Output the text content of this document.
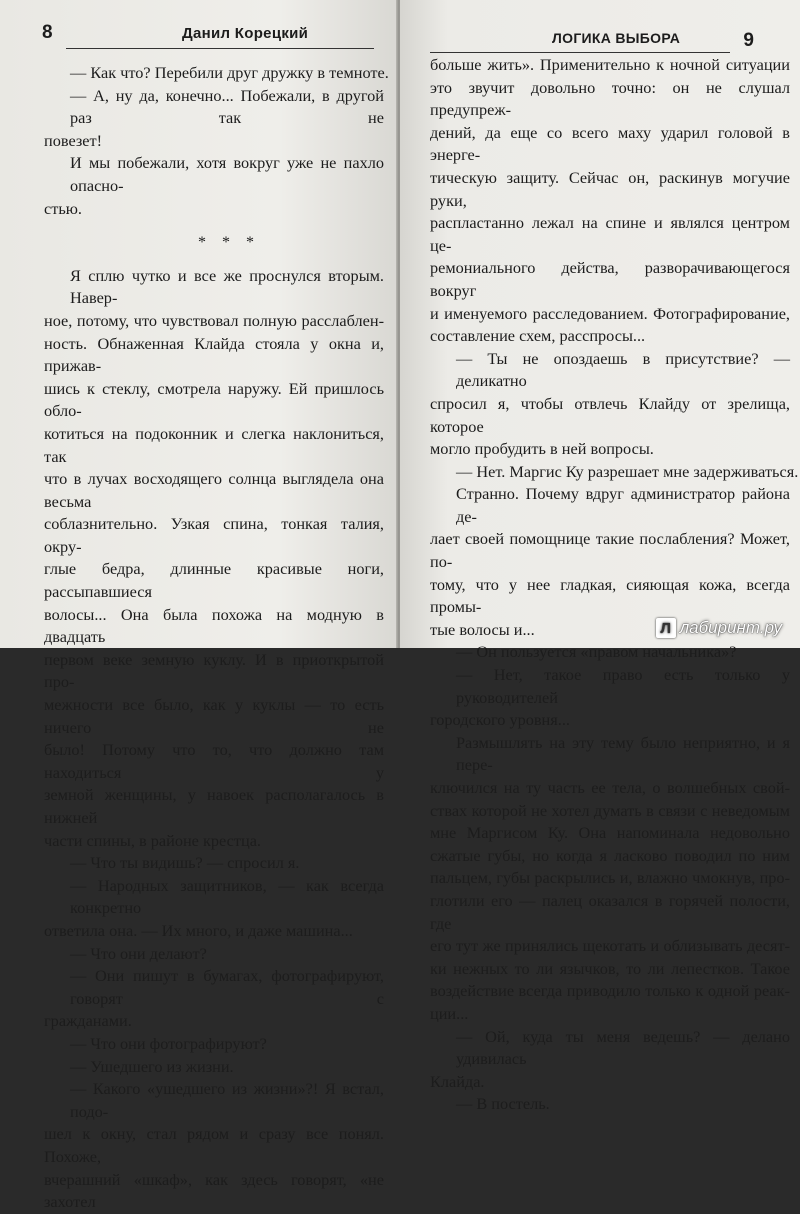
8	Данил Корецкий
— Как что? Перебили друг дружку в темноте.
— А, ну да, конечно... Побежали, в другой раз так не
повезет!
И мы побежали, хотя вокруг уже не пахло опасно-
стью.
* * *
Я сплю чутко и все же проснулся вторым. Навер-
ное, потому, что чувствовал полную расслаблен-
ность. Обнаженная Клайда стояла у окна и, прижав-
шись к стеклу, смотрела наружу. Ей пришлось обло-
котиться на подоконник и слегка наклониться, так
что в лучах восходящего солнца выглядела она весьма
соблазнительно. Узкая спина, тонкая талия, окру-
глые бедра, длинные красивые ноги, рассыпавшиеся
волосы... Она была похожа на модную в двадцать
первом веке земную куклу. И в приоткрытой про-
межности все было, как у куклы — то есть ничего не
было! Потому что то, что должно там находиться у
земной женщины, у навоек располагалось в нижней
части спины, в районе крестца.
— Что ты видишь? — спросил я.
— Народных защитников, — как всегда конкретно
ответила она. — Их много, и даже машина...
— Что они делают?
— Они пишут в бумагах, фотографируют, говорят с
гражданами.
— Что они фотографируют?
— Ушедшего из жизни.
— Какого «ушедшего из жизни»?! Я встал, подо-
шел к окну, стал рядом и сразу все понял. Похоже,
вчерашний «шкаф», как здесь говорят, «не захотел
ЛОГИКА ВЫБОРА	9
больше жить». Применительно к ночной ситуации
это звучит довольно точно: он не слушал предупреж-
дений, да еще со всего маху ударил головой в энерге-
тическую защиту. Сейчас он, раскинув могучие руки,
распластанно лежал на спине и являлся центром це-
ремониального действа, разворачивающегося вокруг
и именуемого расследованием. Фотографирование,
составление схем, расспросы...
— Ты не опоздаешь в присутствие? — деликатно
спросил я, чтобы отвлечь Клайду от зрелища, которое
могло пробудить в ней вопросы.
— Нет. Маргис Ку разрешает мне задерживаться.
Странно. Почему вдруг администратор района де-
лает своей помощнице такие послабления? Может, по-
тому, что у нее гладкая, сияющая кожа, всегда промы-
тые волосы и...
— Он пользуется «правом начальника»?
— Нет, такое право есть только у руководителей
городского уровня...
Размышлять на эту тему было неприятно, и я пере-
ключился на ту часть ее тела, о волшебных свой-
ствах которой не хотел думать в связи с неведомым
мне Маргисом Ку. Она напоминала недовольно
сжатые губы, но когда я ласково поводил по ним
пальцем, губы раскрылись и, влажно чмокнув, про-
глотили его — палец оказался в горячей полости, где
его тут же принялись щекотать и облизывать десят-
ки нежных то ли язычков, то ли лепестков. Такое
воздействие всегда приводило только к одной реак-
ции...
— Ой, куда ты меня ведешь? — делано удивилась
Клайда.
— В постель.
Л лабиринт.ру
